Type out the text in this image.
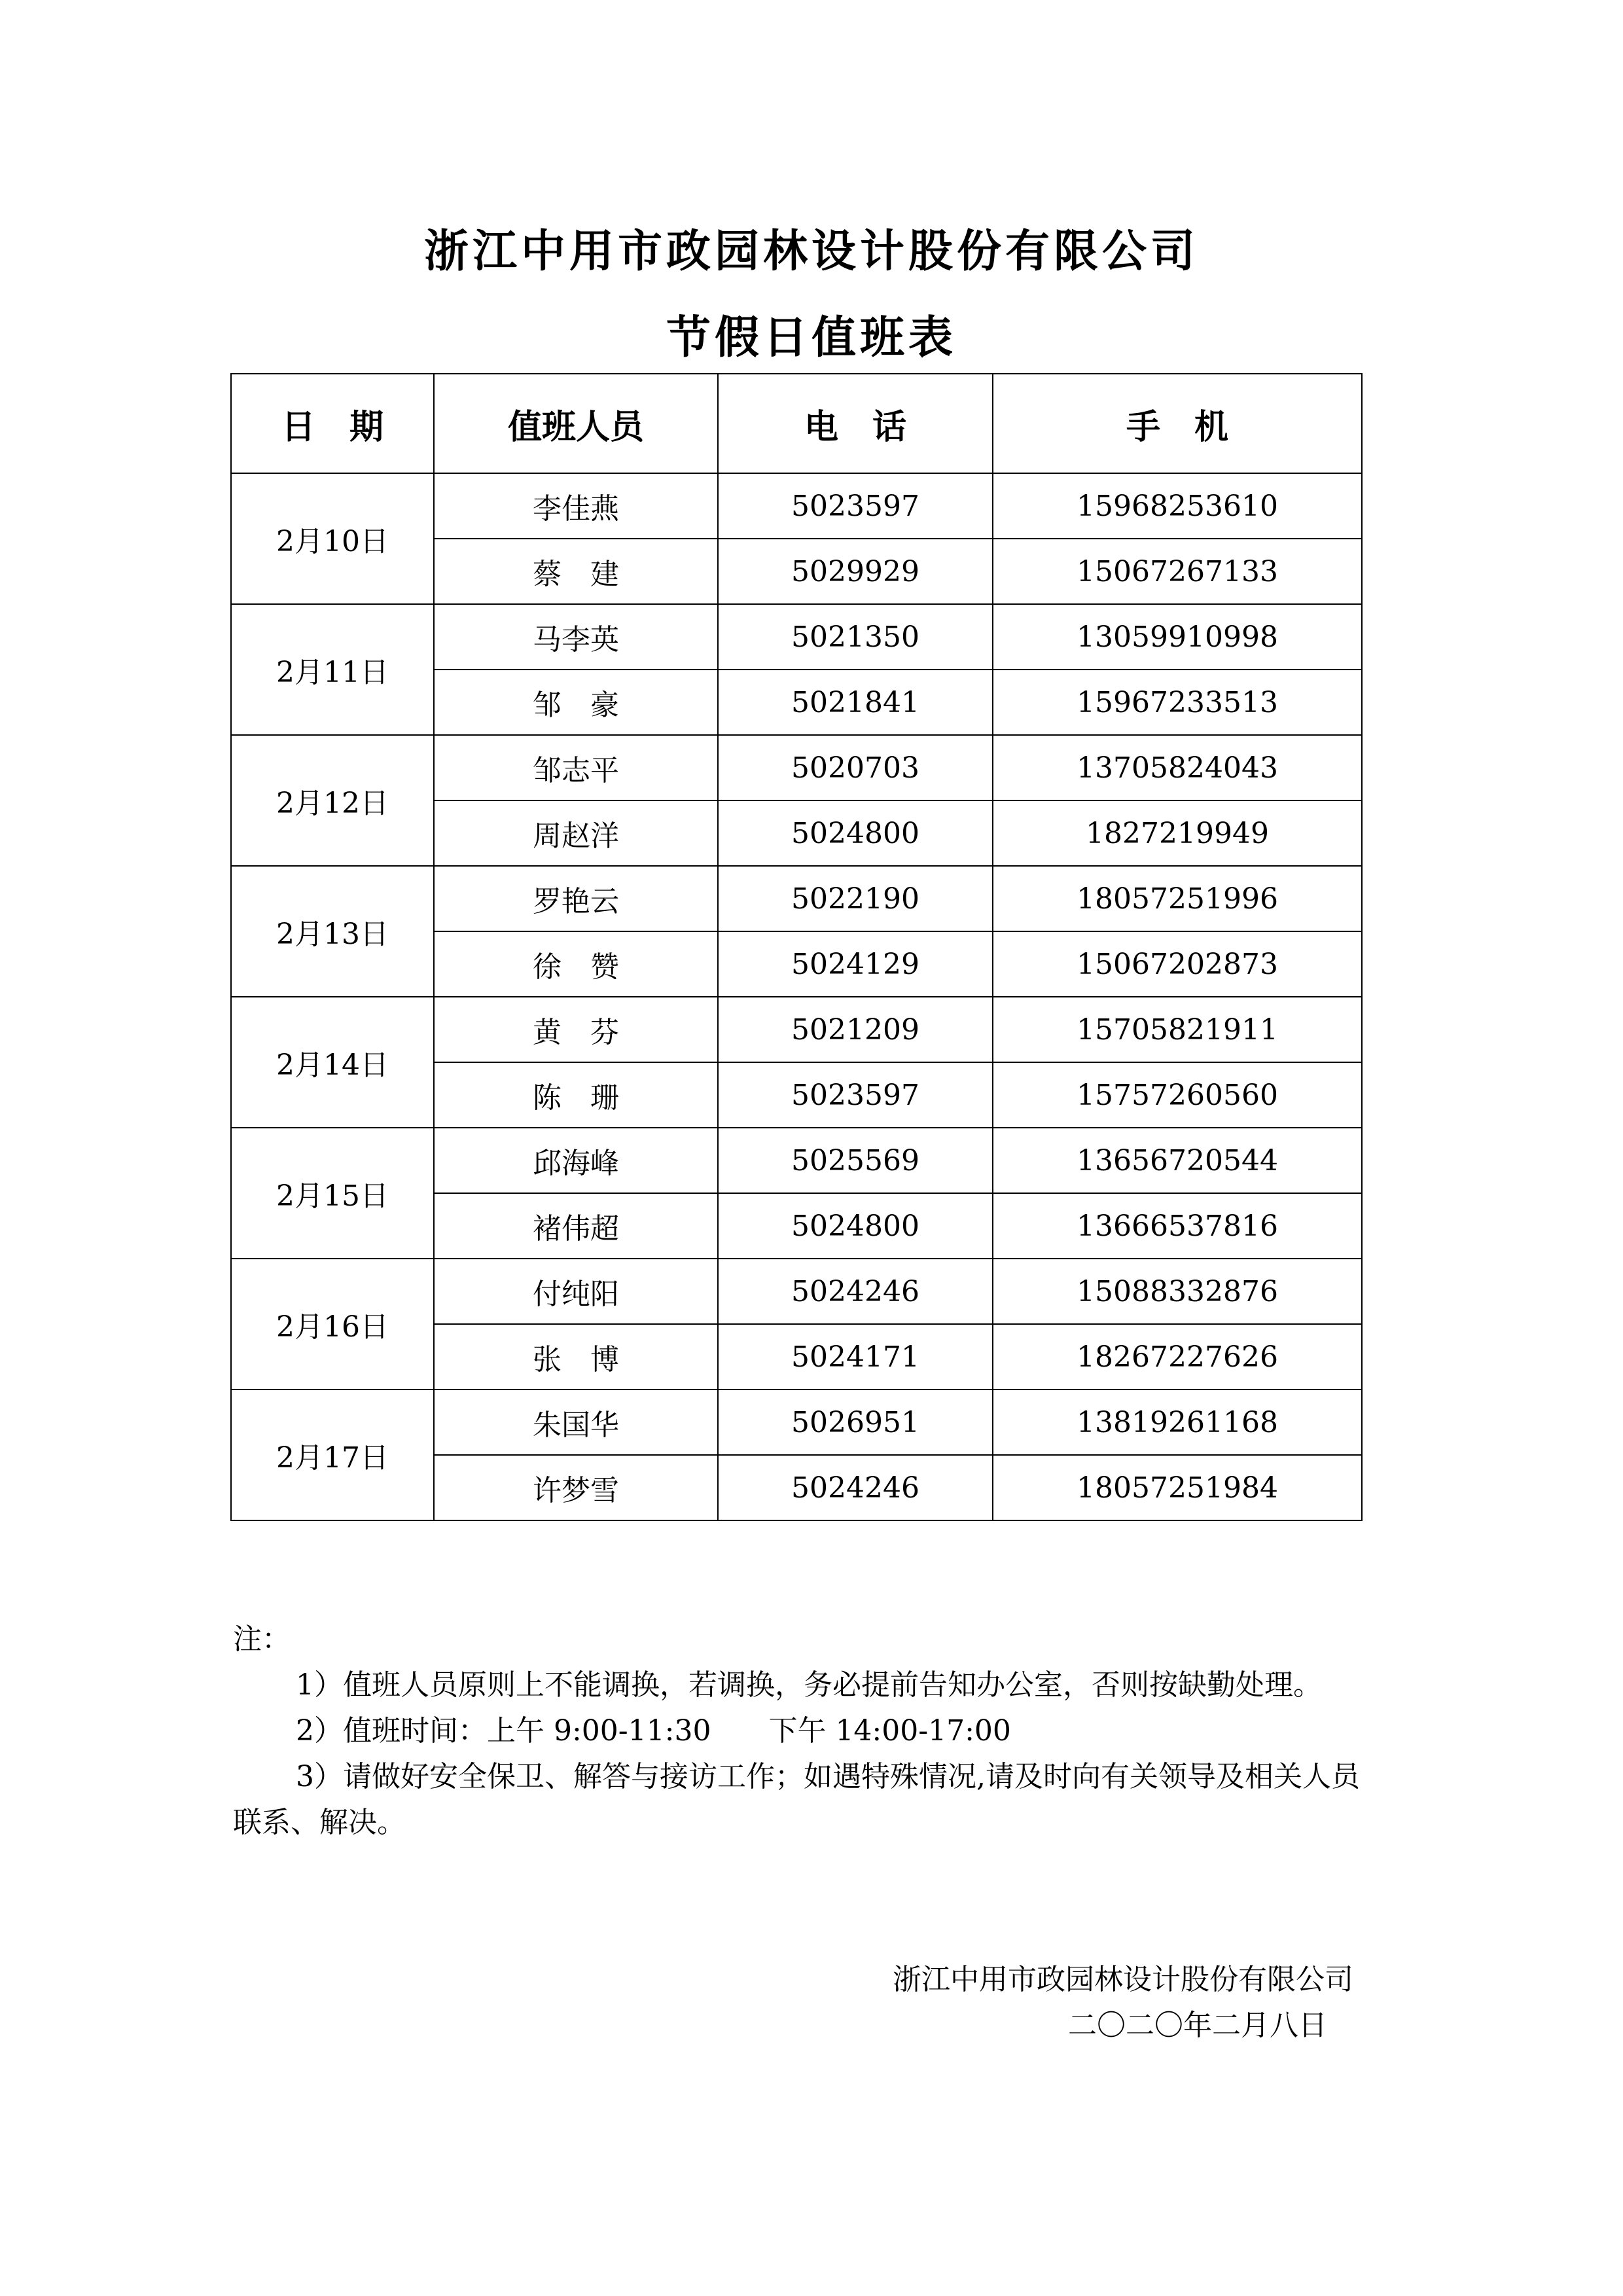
浙江中用市政园林设计股份有限公司
节假日值班表
日　期	值班人员	电　话	手　机
2月10日	李佳燕	5023597	15968253610
	蔡　建	5029929	15067267133
2月11日	马李英	5021350	13059910998
	邹　豪	5021841	15967233513
2月12日	邹志平	5020703	13705824043
	周赵洋	5024800	1827219949
2月13日	罗艳云	5022190	18057251996
	徐　赞	5024129	15067202873
2月14日	黄　芬	5021209	15705821911
	陈　珊	5023597	15757260560
2月15日	邱海峰	5025569	13656720544
	褚伟超	5024800	13666537816
2月16日	付纯阳	5024246	15088332876
	张　博	5024171	18267227626
2月17日	朱国华	5026951	13819261168
	许梦雪	5024246	18057251984

注：

1）值班人员原则上不能调换，若调换，务必提前告知办公室，否则按缺勤处理。

2）值班时间：上午 9:00-11:30　　下午 14:00-17:00

3）请做好安全保卫、解答与接访工作；如遇特殊情况,请及时向有关领导及相关人员联系、解决。

浙江中用市政园林设计股份有限公司
二〇二〇年二月八日
